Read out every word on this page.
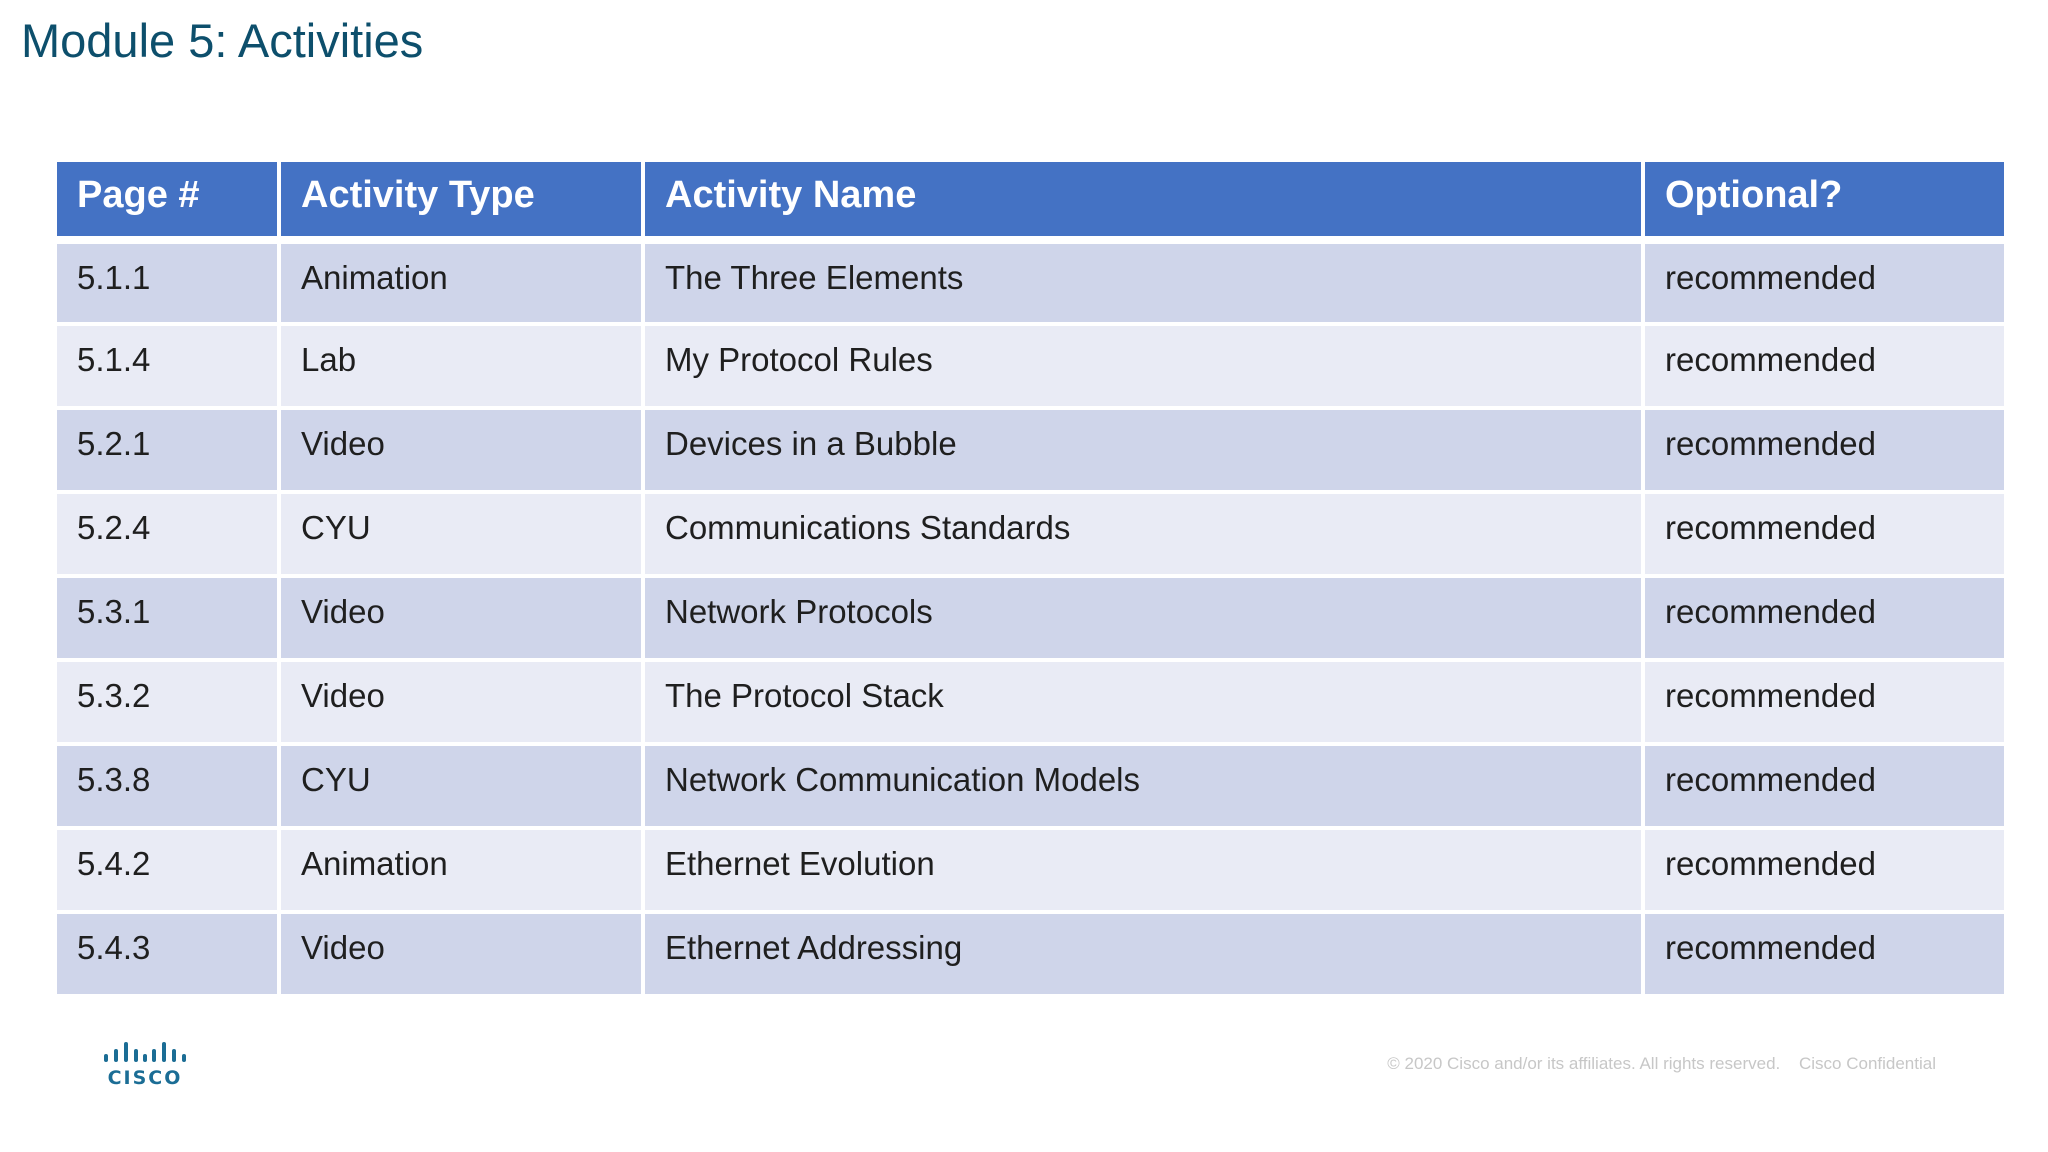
Module 5: Activities
Page #	Activity Type	Activity Name	Optional?
5.1.1	Animation	The Three Elements	recommended
5.1.4	Lab	My Protocol Rules	recommended
5.2.1	Video	Devices in a Bubble	recommended
5.2.4	CYU	Communications Standards	recommended
5.3.1	Video	Network Protocols	recommended
5.3.2	Video	The Protocol Stack	recommended
5.3.8	CYU	Network Communication Models	recommended
5.4.2	Animation	Ethernet Evolution	recommended
5.4.3	Video	Ethernet Addressing	recommended
CISCO
© 2020 Cisco and/or its affiliates. All rights reserved. Cisco Confidential
